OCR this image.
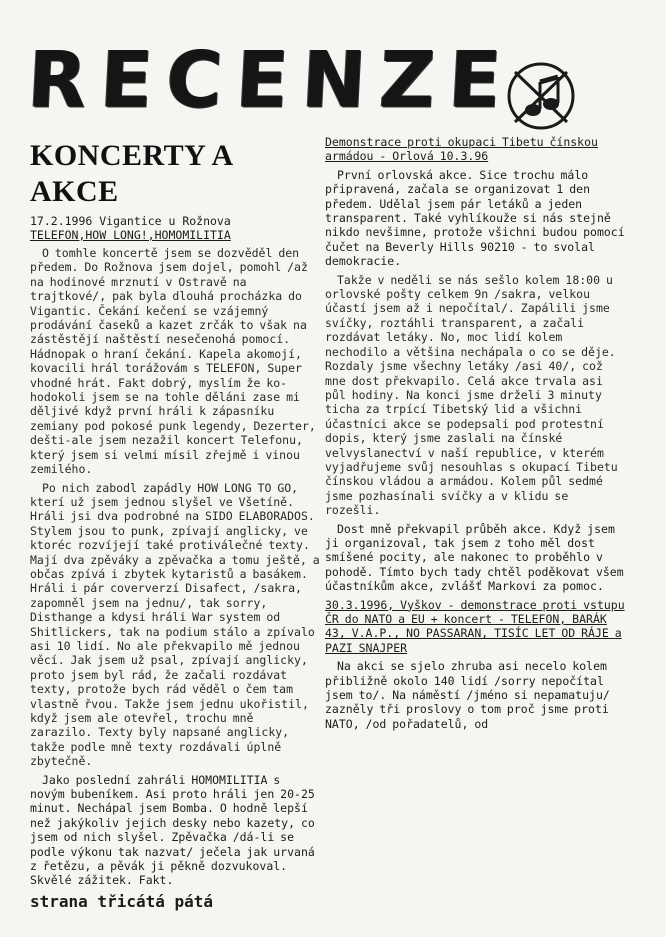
RECENZE
KONCERTY A AKCE
17.2.1996 Vigantice u Rožnova
TELEFON,HOW LONG!,HOMOMILITIA

O tomhle koncertě jsem se dozvěděl den předem. Do Rožnova jsem dojel, pomohl /až na hodinové mrznutí v Ostravě na trajtkové/, pak byla dlouhá procházka do Vigantic. Čekání kečení se vzájemný prodávání časeků a kazet zrčák to však na zástěstějí naštěstí nesečenohá pomocí. Hádnopak o hraní čekání. Kapela akomojí, kovacili hrál torážovám s TELEFON, Super vhodné hrát. Fakt dobrý, myslím že ko-hodokoli jsem se na tohle děláni zase mi děljivé když první hráli k zápasníku zemiany pod pokosé punk legendy, Dezerter, dešti-ale jsem nezažil koncert Telefonu, který jsem si velmi mísil zřejmě i vinou zemilého.

Po nich zabodl zapádly HOW LONG TO GO, kterí už jsem jednou slyšel ve Všetíně. Hráli jsi dva podrobné na SIDO ELABORADOS. Stylem jsou to punk, zpívají anglicky, ve ktoréc rozvíjejí také protiválečné texty. Mají dva zpěváky a zpěvačka a tomu ještě, a občas zpívá i zbytek kytaristů a basákem. Hráli i pár coververzí Disafect, /sakra, zapomněl jsem na jednu/, tak sorry, Disthange a kdysi hráli War system od Shitlickers, tak na podium stálo a zpívalo asi 10 lidí. No ale překvapilo mě jednou věcí. Jak jsem už psal, zpívají anglicky, proto jsem byl rád, že začali rozdávat texty, protože bych rád věděl o čem tam vlastně řvou. Takže jsem jednu ukořistil, když jsem ale otevřel, trochu mně zarazilo. Texty byly napsané anglicky, takže podle mně texty rozdávali úplně zbytečně.

Jako poslední zahráli HOMOMILITIA s novým bubeníkem. Asi proto hráli jen 20-25 minut. Nechápal jsem Bomba. O hodně lepší než jakýkoliv jejich desky nebo kazety, co jsem od nich slyšel. Zpěvačka /dá-li se podle výkonu tak nazvat/ ječela jak urvaná z řetězu, a pěvák ji pěkně dozvukoval. Skvělé zážitek. Fakt.

strana třicátá pátá

Demonstrace proti okupaci Tibetu čínskou armádou - Orlová 10.3.96

První orlovská akce. Sice trochu málo připravená, začala se organizovat 1 den předem. Udělal jsem pár letáků a jeden transparent. Také vyhlíkouže si nás stejně nikdo nevšimne, protože všichni budou pomocí čučet na Beverly Hills 90210 - to svolal demokracie.

Takže v neděli se nás sešlo kolem 18:00 u orlovské pošty celkem 9n /sakra, velkou účastí jsem až i nepočítal/. Zapálili jsme svíčky, roztáhli transparent, a začali rozdávat letáky. No, moc lidí kolem nechodilo a většina nechápala o co se děje. Rozdaly jsme všechny letáky /asi 40/, což mne dost překvapilo. Celá akce trvala asi půl hodiny. Na konci jsme drželi 3 minuty ticha za trpící Tibetský lid a všichni účastníci akce se podepsali pod protestní dopis, který jsme zaslali na čínské velvyslanectví v naší republice, v kterém vyjadřujeme svůj nesouhlas s okupací Tibetu čínskou vládou a armádou. Kolem půl sedmé jsme pozhasínali svíčky a v klidu se rozešli.

Dost mně překvapil průběh akce. Když jsem ji organizoval, tak jsem z toho měl dost smíšené pocity, ale nakonec to proběhlo v pohodě. Tímto bych tady chtěl poděkovat všem účastníkům akce, zvlášť Markovi za pomoc.

30.3.1996, Vyškov - demonstrace proti vstupu ČR do NATO a EU + koncert - TELEFON, BARÁK 43, V.A.P., NO PASSARAN, TISÍC LET OD RÁJE a PAZI SNAJPER

Na akci se sjelo zhruba asi necelo kolem přibližně okolo 140 lidí /sorry nepočítal jsem to/. Na náměstí /jméno si nepamatuju/ zazněly tři proslovy o tom proč jsme proti NATO, /od pořadatelů, od
